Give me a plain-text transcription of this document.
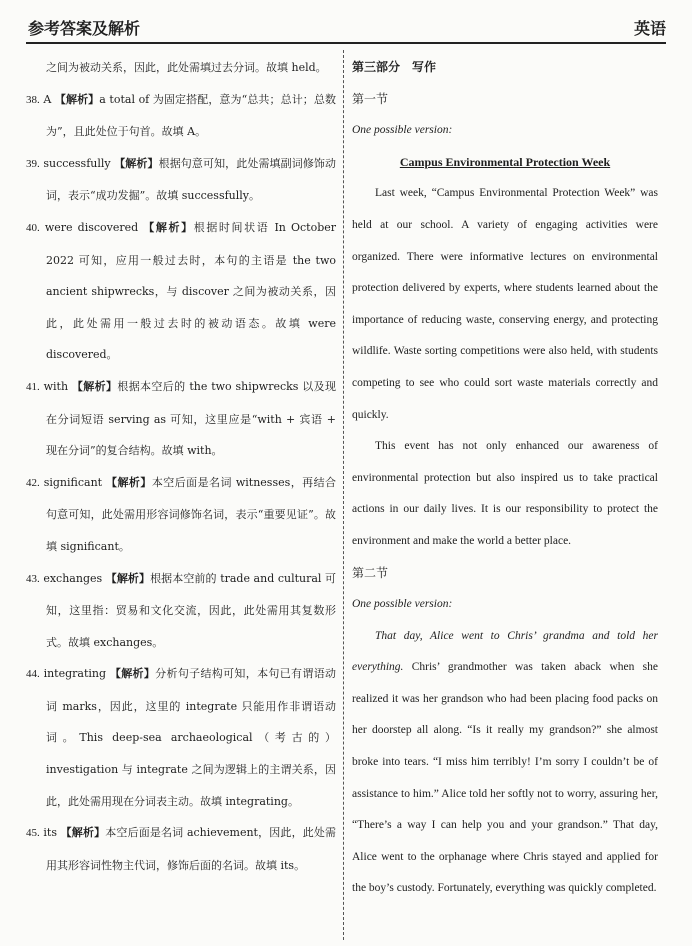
参考答案及解析	英语

之间为被动关系，因此，此处需填过去分词。故填 held。

38. A 【解析】a total of 为固定搭配，意为“总共；总计；总数为”，且此处位于句首。故填 A。

39. successfully 【解析】根据句意可知，此处需填副词修饰动词，表示“成功发掘”。故填 successfully。

40. were discovered 【解析】根据时间状语 In October 2022 可知，应用一般过去时，本句的主语是 the two ancient shipwrecks，与 discover 之间为被动关系，因此，此处需用一般过去时的被动语态。故填 were discovered。

41. with 【解析】根据本空后的 the two shipwrecks 以及现在分词短语 serving as 可知，这里应是“with + 宾语 + 现在分词”的复合结构。故填 with。

42. significant 【解析】本空后面是名词 witnesses，再结合句意可知，此处需用形容词修饰名词，表示“重要见证”。故填 significant。

43. exchanges 【解析】根据本空前的 trade and cultural 可知，这里指：贸易和文化交流，因此，此处需用其复数形式。故填 exchanges。

44. integrating 【解析】分析句子结构可知，本句已有谓语动词 marks，因此，这里的 integrate 只能用作非谓语动词。This deep-sea archaeological（考古的）investigation 与 integrate 之间为逻辑上的主谓关系，因此，此处需用现在分词表主动。故填 integrating。

45. its 【解析】本空后面是名词 achievement，因此，此处需用其形容词性物主代词，修饰后面的名词。故填 its。

第三部分　写作

第一节

One possible version:

Campus Environmental Protection Week

Last week, “Campus Environmental Protection Week” was held at our school. A variety of engaging activities were organized. There were informative lectures on environmental protection delivered by experts, where students learned about the importance of reducing waste, conserving energy, and protecting wildlife. Waste sorting competitions were also held, with students competing to see who could sort waste materials correctly and quickly.

This event has not only enhanced our awareness of environmental protection but also inspired us to take practical actions in our daily lives. It is our responsibility to protect the environment and make the world a better place.

第二节

One possible version:

That day, Alice went to Chris’ grandma and told her everything. Chris’ grandmother was taken aback when she realized it was her grandson who had been placing food packs on her doorstep all along. “Is it really my grandson?” she almost broke into tears. “I miss him terribly! I’m sorry I couldn’t be of assistance to him.” Alice told her softly not to worry, assuring her, “There’s a way I can help you and your grandson.” That day, Alice went to the orphanage where Chris stayed and applied for the boy’s custody. Fortunately, everything was quickly completed.
